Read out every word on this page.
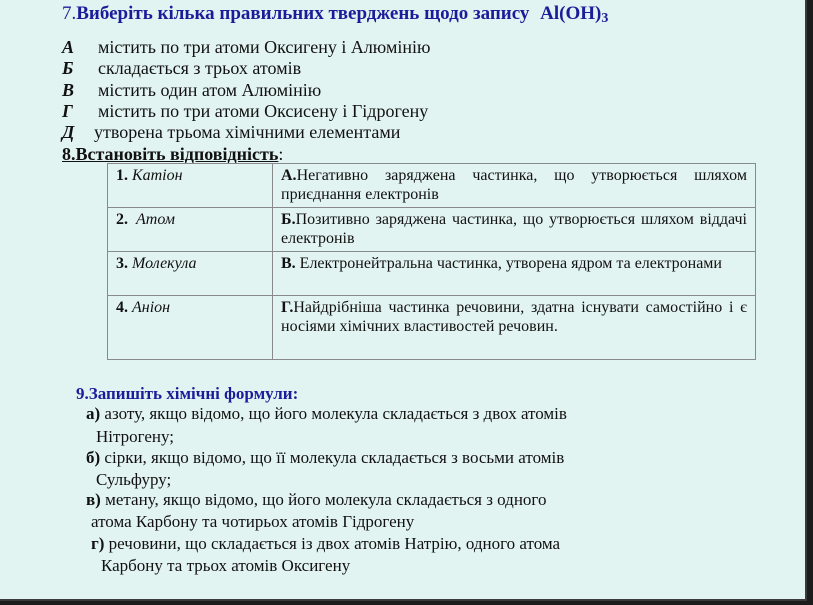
7.Виберіть кілька правильних тверджень щодо запису $Al(OH)_3$
А містить по три атоми Оксигену і Алюмінію
Б складається з трьох атомів
В містить один атом Алюмінію
Г містить по три атоми Оксисену і Гідрогену
Д утворена трьома хімічними елементами
8.Встановіть відповідність:
1. Катіон	А.Негативно заряджена частинка, що утворюється шляхом приєднання електронів
2. Атом	Б.Позитивно заряджена частинка, що утворюється шляхом віддачі електронів
3. Молекула	В. Електронейтральна частинка, утворена ядром та електронами
4. Аніон	Г.Найдрібніша частинка речовини, здатна існувати самостійно і є носіями хімічних властивостей речовин.
9.Запишіть хімічні формули:
а) азоту, якщо відомо, що його молекула складається з двох атомів
Нітрогену;
б) сірки, якщо відомо, що її молекула складається з восьми атомів
Сульфуру;
в) метану, якщо відомо, що його молекула складається з одного
атома Карбону та чотирьох атомів Гідрогену
г) речовини, що складається із двох атомів Натрію, одного атома
Карбону та трьох атомів Оксигену
